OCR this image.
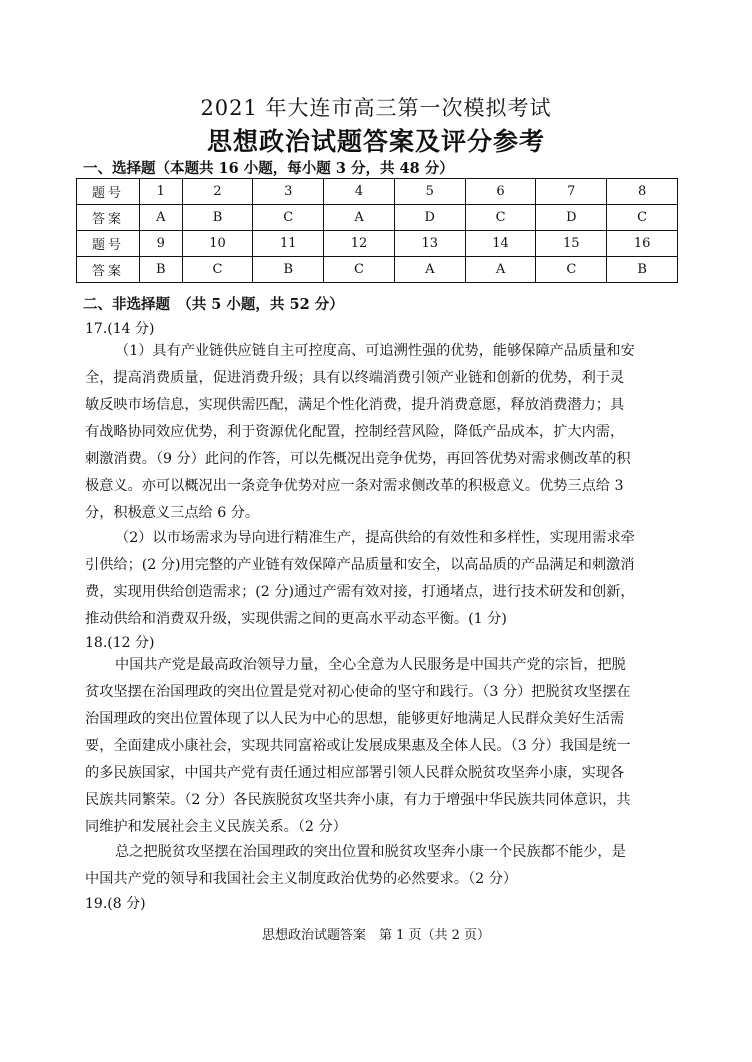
2021 年大连市高三第一次模拟考试
思想政治试题答案及评分参考
一、选择题（本题共 16 小题，每小题 3 分，共 48 分）
题号	1	2	3	4	5	6	7	8
答案	A	B	C	A	D	C	D	C
题号	9	10	11	12	13	14	15	16
答案	B	C	B	C	A	A	C	B
二、非选择题　（共 5 小题，共 52 分）
17.(14 分)
（1）具有产业链供应链自主可控度高、可追溯性强的优势，能够保障产品质量和安
全，提高消费质量，促进消费升级；具有以终端消费引领产业链和创新的优势，利于灵
敏反映市场信息，实现供需匹配，满足个性化消费，提升消费意愿，释放消费潜力；具
有战略协同效应优势，利于资源优化配置，控制经营风险，降低产品成本，扩大内需，
刺激消费。（9 分）此问的作答，可以先概况出竞争优势，再回答优势对需求侧改革的积
极意义。亦可以概况出一条竞争优势对应一条对需求侧改革的积极意义。优势三点给 3
分，积极意义三点给 6 分。
（2）以市场需求为导向进行精准生产，提高供给的有效性和多样性，实现用需求牵
引供给；(2 分)用完整的产业链有效保障产品质量和安全，以高品质的产品满足和刺激消
费，实现用供给创造需求；(2 分)通过产需有效对接，打通堵点，进行技术研发和创新，
推动供给和消费双升级，实现供需之间的更高水平动态平衡。(1 分)
18.(12 分)
中国共产党是最高政治领导力量，全心全意为人民服务是中国共产党的宗旨，把脱
贫攻坚摆在治国理政的突出位置是党对初心使命的坚守和践行。（3 分）把脱贫攻坚摆在
治国理政的突出位置体现了以人民为中心的思想，能够更好地满足人民群众美好生活需
要，全面建成小康社会，实现共同富裕或让发展成果惠及全体人民。（3 分）我国是统一
的多民族国家，中国共产党有责任通过相应部署引领人民群众脱贫攻坚奔小康，实现各
民族共同繁荣。（2 分）各民族脱贫攻坚共奔小康，有力于增强中华民族共同体意识，共
同维护和发展社会主义民族关系。（2 分）
总之把脱贫攻坚摆在治国理政的突出位置和脱贫攻坚奔小康一个民族都不能少，是
中国共产党的领导和我国社会主义制度政治优势的必然要求。（2 分）
19.(8 分)
思想政治试题答案　第 1 页（共 2 页）
